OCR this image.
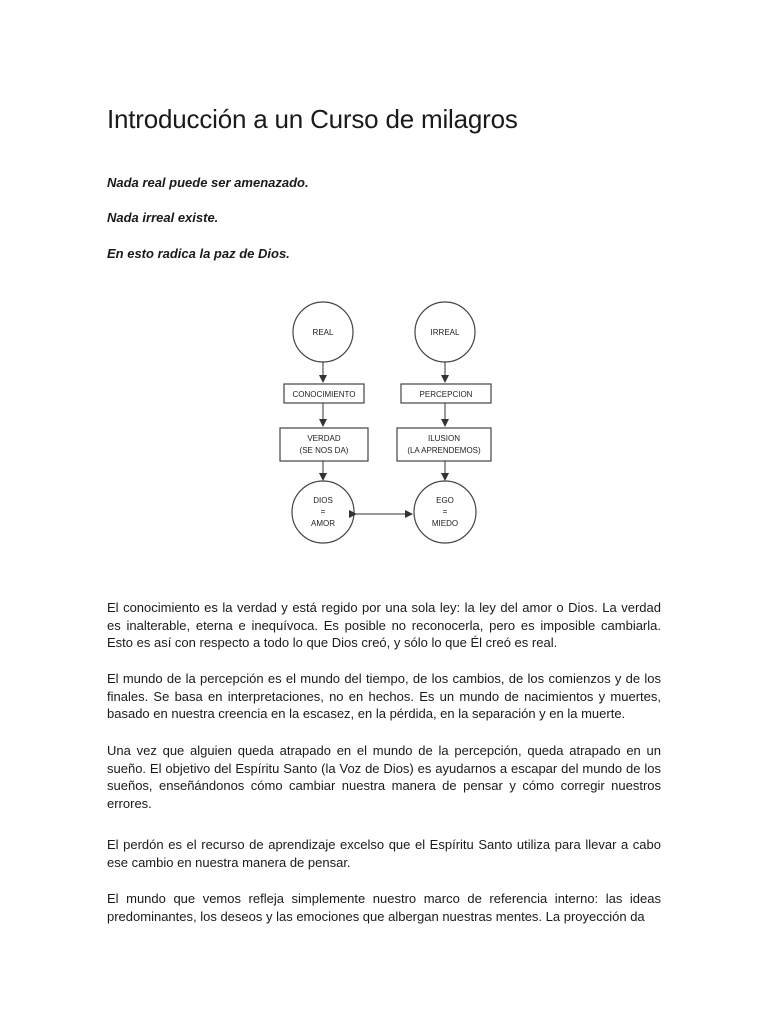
Introducción a un Curso de milagros

Nada real puede ser amenazado.

Nada irreal existe.

En esto radica la paz de Dios.

REAL
CONOCIMIENTO
VERDAD
(SE NOS DA)
DIOS
=
AMOR
IRREAL
PERCEPCION
ILUSION
(LA APRENDEMOS)
EGO
=
MIEDO

El conocimiento es la verdad y está regido por una sola ley: la ley del amor o Dios. La verdad es inalterable, eterna e inequívoca. Es posible no reconocerla, pero es imposible cambiarla. Esto es así con respecto a todo lo que Dios creó, y sólo lo que Él creó es real.

El mundo de la percepción es el mundo del tiempo, de los cambios, de los comienzos y de los finales. Se basa en interpretaciones, no en hechos. Es un mundo de nacimientos y muertes, basado en nuestra creencia en la escasez, en la pérdida, en la separación y en la muerte.

Una vez que alguien queda atrapado en el mundo de la percepción, queda atrapado en un sueño. El objetivo del Espíritu Santo (la Voz de Dios) es ayudarnos a escapar del mundo de los sueños, enseñándonos cómo cambiar nuestra manera de pensar y cómo corregir nuestros errores.

El perdón es el recurso de aprendizaje excelso que el Espíritu Santo utiliza para llevar a cabo ese cambio en nuestra manera de pensar.

El mundo que vemos refleja simplemente nuestro marco de referencia interno: las ideas predominantes, los deseos y las emociones que albergan nuestras mentes. La proyección da
